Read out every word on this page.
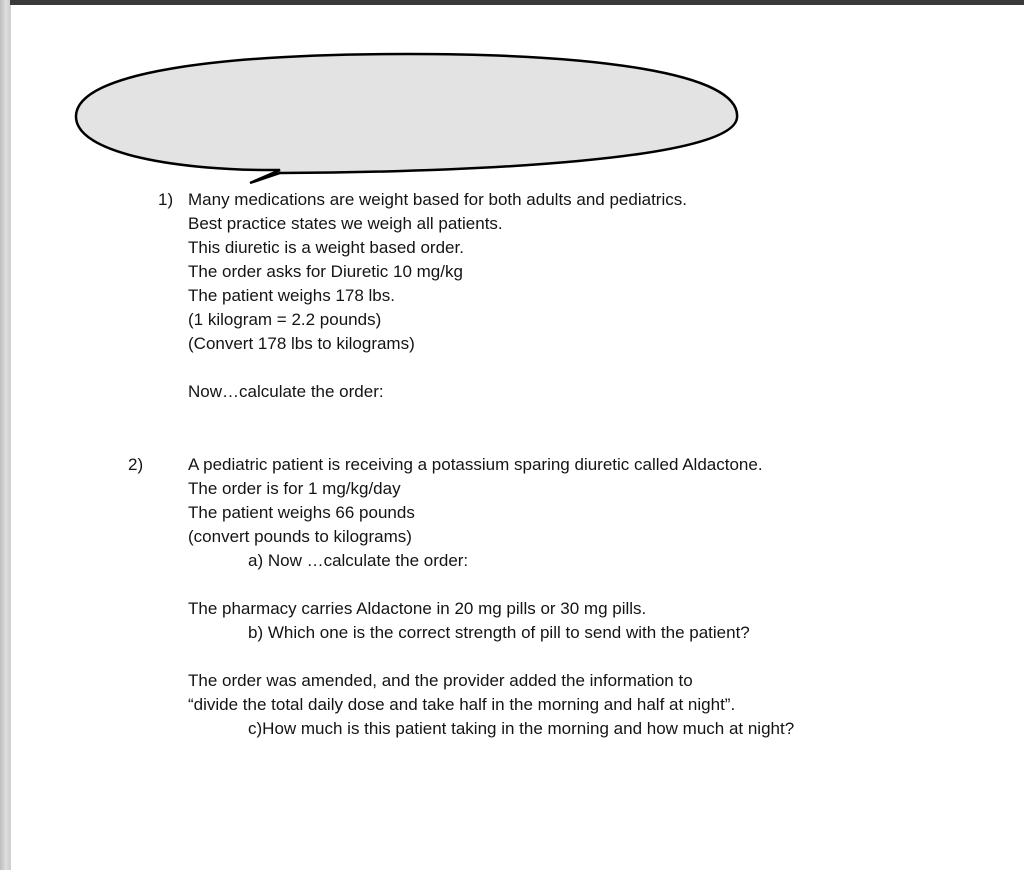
1) Many medications are weight based for both adults and pediatrics.
Best practice states we weigh all patients.
This diuretic is a weight based order.
The order asks for Diuretic 10 mg/kg
The patient weighs 178 lbs.
(1 kilogram = 2.2 pounds)
(Convert 178 lbs to kilograms)
Now…calculate the order:
2)	A pediatric patient is receiving a potassium sparing diuretic called Aldactone.
The order is for 1 mg/kg/day
The patient weighs 66 pounds
(convert pounds to kilograms)
a) Now …calculate the order:
The pharmacy carries Aldactone in 20 mg pills or 30 mg pills.
b) Which one is the correct strength of pill to send with the patient?
The order was amended, and the provider added the information to
“divide the total daily dose and take half in the morning and half at night”.
c)How much is this patient taking in the morning and how much at night?
